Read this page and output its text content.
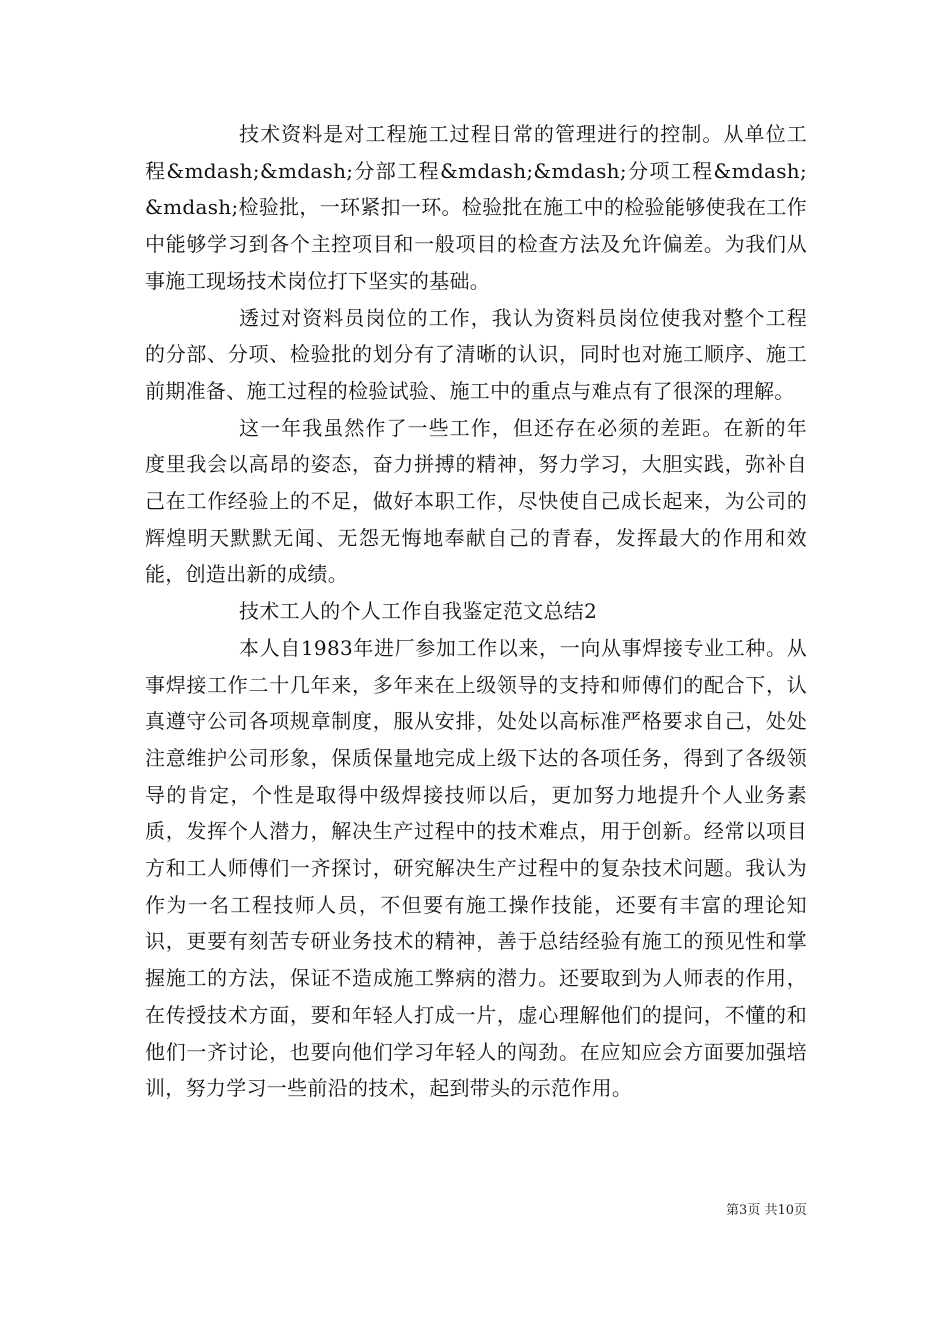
技术资料是对工程施工过程日常的管理进行的控制。从单位工程&mdash;&mdash;分部工程&mdash;&mdash;分项工程&mdash;&mdash;检验批，一环紧扣一环。检验批在施工中的检验能够使我在工作中能够学习到各个主控项目和一般项目的检查方法及允许偏差。为我们从事施工现场技术岗位打下坚实的基础。

透过对资料员岗位的工作，我认为资料员岗位使我对整个工程的分部、分项、检验批的划分有了清晰的认识，同时也对施工顺序、施工前期准备、施工过程的检验试验、施工中的重点与难点有了很深的理解。

这一年我虽然作了一些工作，但还存在必须的差距。在新的年度里我会以高昂的姿态，奋力拼搏的精神，努力学习，大胆实践，弥补自己在工作经验上的不足，做好本职工作，尽快使自己成长起来，为公司的辉煌明天默默无闻、无怨无悔地奉献自己的青春，发挥最大的作用和效能，创造出新的成绩。

技术工人的个人工作自我鉴定范文总结2

本人自1983年进厂参加工作以来，一向从事焊接专业工种。从事焊接工作二十几年来，多年来在上级领导的支持和师傅们的配合下，认真遵守公司各项规章制度，服从安排，处处以高标准严格要求自己，处处注意维护公司形象，保质保量地完成上级下达的各项任务，得到了各级领导的肯定，个性是取得中级焊接技师以后，更加努力地提升个人业务素质，发挥个人潜力，解决生产过程中的技术难点，用于创新。经常以项目方和工人师傅们一齐探讨，研究解决生产过程中的复杂技术问题。我认为作为一名工程技师人员，不但要有施工操作技能，还要有丰富的理论知识，更要有刻苦专研业务技术的精神，善于总结经验有施工的预见性和掌握施工的方法，保证不造成施工弊病的潜力。还要取到为人师表的作用，在传授技术方面，要和年轻人打成一片，虚心理解他们的提问，不懂的和他们一齐讨论，也要向他们学习年轻人的闯劲。在应知应会方面要加强培训，努力学习一些前沿的技术，起到带头的示范作用。

第3页 共10页
